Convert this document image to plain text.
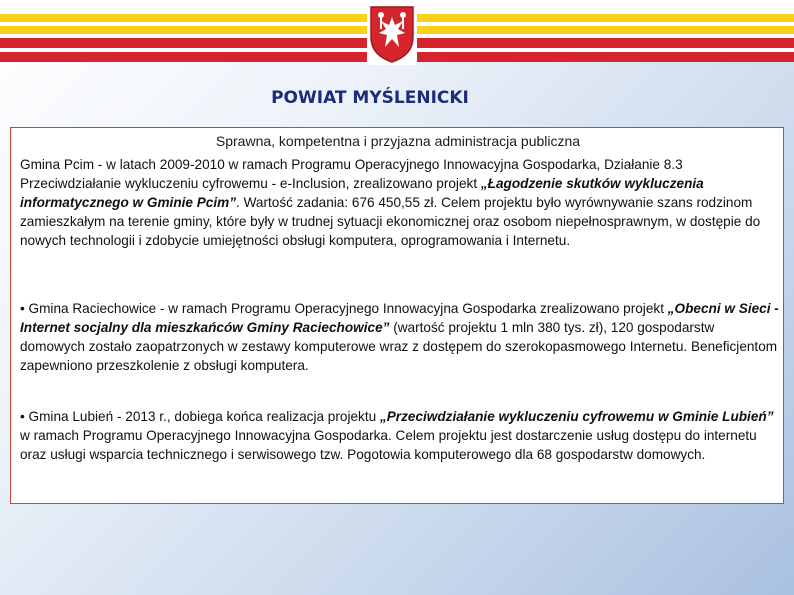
POWIAT MYŚLENICKI
Sprawna, kompetentna i przyjazna administracja publiczna
Gmina Pcim - w latach 2009-2010 w ramach Programu Operacyjnego Innowacyjna Gospodarka, Działanie 8.3 Przeciwdziałanie wykluczeniu cyfrowemu - e-Inclusion, zrealizowano projekt „Łagodzenie skutków wykluczenia informatycznego w Gminie Pcim”. Wartość zadania: 676 450,55 zł. Celem projektu było wyrównywanie szans rodzinom zamieszkałym na terenie gminy, które były w trudnej sytuacji ekonomicznej oraz osobom niepełnosprawnym, w dostępie do nowych technologii i zdobycie umiejętności obsługi komputera, oprogramowania i Internetu.
• Gmina Raciechowice - w ramach Programu Operacyjnego Innowacyjna Gospodarka zrealizowano projekt „Obecni w Sieci - Internet socjalny dla mieszkańców Gminy Raciechowice” (wartość projektu 1 mln 380 tys. zł), 120 gospodarstw domowych zostało zaopatrzonych w zestawy komputerowe wraz z dostępem do szerokopasmowego Internetu. Beneficjentom zapewniono przeszkolenie z obsługi komputera.
• Gmina Lubień - 2013 r., dobiega końca realizacja projektu „Przeciwdziałanie wykluczeniu cyfrowemu w Gminie Lubień” w ramach Programu Operacyjnego Innowacyjna Gospodarka. Celem projektu jest dostarczenie usług dostępu do internetu oraz usługi wsparcia technicznego i serwisowego tzw. Pogotowia komputerowego dla 68 gospodarstw domowych.
